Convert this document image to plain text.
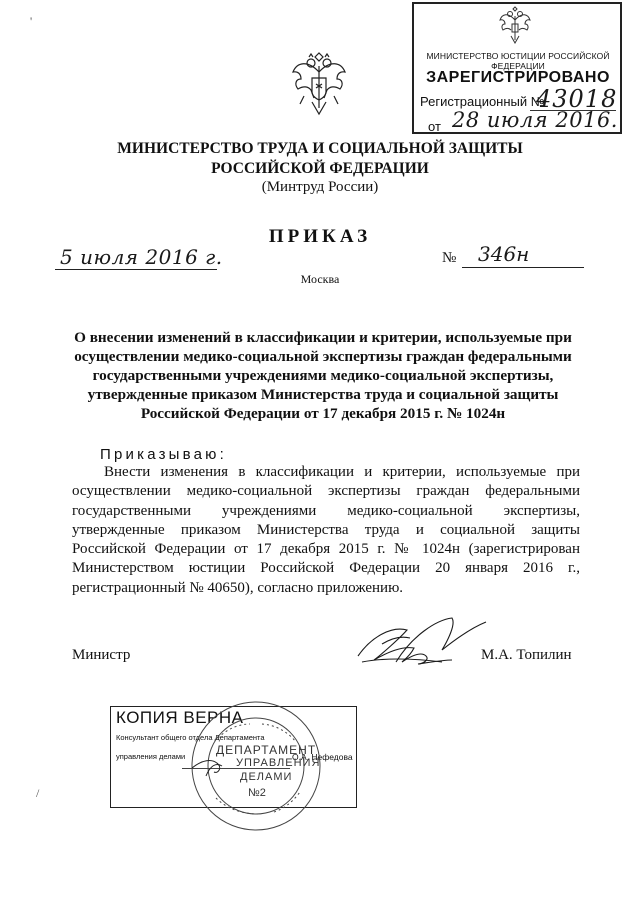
МИНИСТЕРСТВО ЮСТИЦИИ РОССИЙСКОЙ ФЕДЕРАЦИИ
ЗАРЕГИСТРИРОВАНО
Регистрационный №
43018
от 28 июля 2016.
МИНИСТЕРСТВО ТРУДА И СОЦИАЛЬНОЙ ЗАЩИТЫ
РОССИЙСКОЙ ФЕДЕРАЦИИ
(Минтруд России)
ПРИКАЗ
5 июля 2016 г.	№ 346н
Москва
О внесении изменений в классификации и критерии, используемые при осуществлении медико-социальной экспертизы граждан федеральными государственными учреждениями медико-социальной экспертизы, утвержденные приказом Министерства труда и социальной защиты Российской Федерации от 17 декабря 2015 г. № 1024н
Приказываю:
Внести изменения в классификации и критерии, используемые при осуществлении медико-социальной экспертизы граждан федеральными государственными учреждениями медико-социальной экспертизы, утвержденные приказом Министерства труда и социальной защиты Российской Федерации от 17 декабря 2015 г. № 1024н (зарегистрирован Министерством юстиции Российской Федерации 20 января 2016 г., регистрационный № 40650), согласно приложению.
Министр	М.А. Топилин
КОПИЯ ВЕРНА
Консультант общего отдела Департамента
управления делами	О.А. Нефедова
ДЕПАРТАМЕНТ
УПРАВЛЕНИЯ
ДЕЛАМИ
№2
'
/
